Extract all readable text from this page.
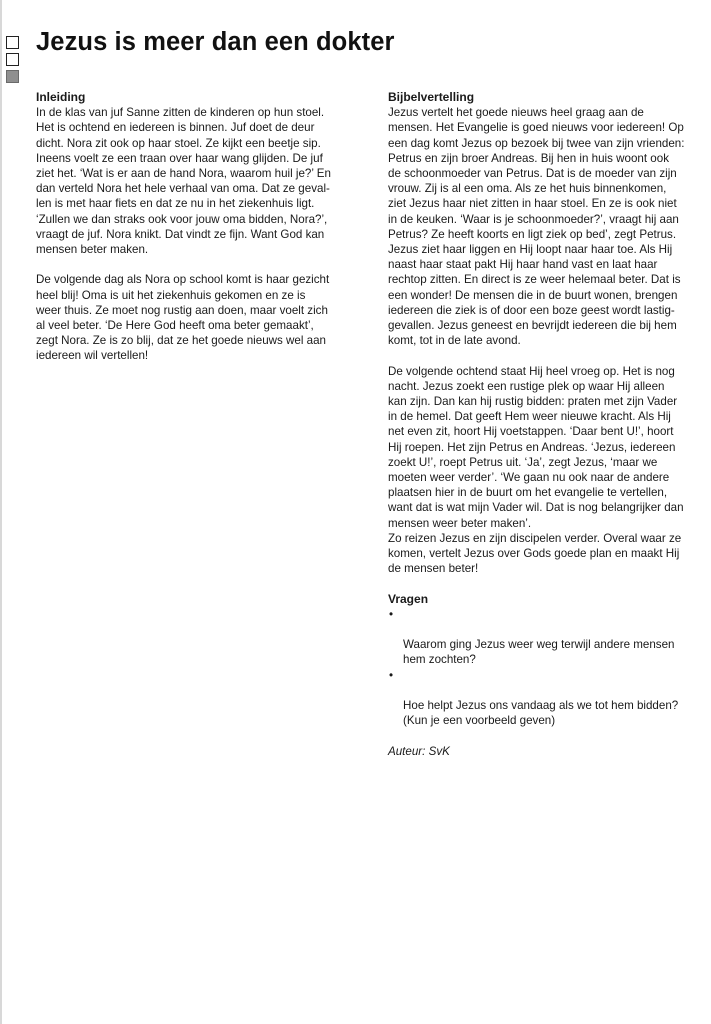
Jezus is meer dan een dokter
Inleiding

In de klas van juf Sanne zitten de kinderen op hun stoel.
Het is ochtend en iedereen is binnen. Juf doet de deur
dicht. Nora zit ook op haar stoel. Ze kijkt een beetje sip.
Ineens voelt ze een traan over haar wang glijden. De juf
ziet het. ‘Wat is er aan de hand Nora, waarom huil je?’ En
dan verteld Nora het hele verhaal van oma. Dat ze geval-
len is met haar fiets en dat ze nu in het ziekenhuis ligt.
‘Zullen we dan straks ook voor jouw oma bidden, Nora?’,
vraagt de juf. Nora knikt. Dat vindt ze fijn. Want God kan
mensen beter maken.

De volgende dag als Nora op school komt is haar gezicht
heel blij! Oma is uit het ziekenhuis gekomen en ze is
weer thuis. Ze moet nog rustig aan doen, maar voelt zich
al veel beter. ‘De Here God heeft oma beter gemaakt’,
zegt Nora. Ze is zo blij, dat ze het goede nieuws wel aan
iedereen wil vertellen!

Bijbelvertelling

Jezus vertelt het goede nieuws heel graag aan de
mensen. Het Evangelie is goed nieuws voor iedereen! Op
een dag komt Jezus op bezoek bij twee van zijn vrienden:
Petrus en zijn broer Andreas. Bij hen in huis woont ook
de schoonmoeder van Petrus. Dat is de moeder van zijn
vrouw. Zij is al een oma. Als ze het huis binnenkomen,
ziet Jezus haar niet zitten in haar stoel. En ze is ook niet
in de keuken. ‘Waar is je schoonmoeder?’, vraagt hij aan
Petrus? Ze heeft koorts en ligt ziek op bed’, zegt Petrus.
Jezus ziet haar liggen en Hij loopt naar haar toe. Als Hij
naast haar staat pakt Hij haar hand vast en laat haar
rechtop zitten. En direct is ze weer helemaal beter. Dat is
een wonder! De mensen die in de buurt wonen, brengen
iedereen die ziek is of door een boze geest wordt lastig-
gevallen. Jezus geneest en bevrijdt iedereen die bij hem
komt, tot in de late avond.

De volgende ochtend staat Hij heel vroeg op. Het is nog
nacht. Jezus zoekt een rustige plek op waar Hij alleen
kan zijn. Dan kan hij rustig bidden: praten met zijn Vader
in de hemel. Dat geeft Hem weer nieuwe kracht. Als Hij
net even zit, hoort Hij voetstappen. ‘Daar bent U!’, hoort
Hij roepen. Het zijn Petrus en Andreas. ‘Jezus, iedereen
zoekt U!’, roept Petrus uit. ‘Ja’, zegt Jezus, ‘maar we
moeten weer verder’. ‘We gaan nu ook naar de andere
plaatsen hier in de buurt om het evangelie te vertellen,
want dat is wat mijn Vader wil. Dat is nog belangrijker dan
mensen weer beter maken’.

Zo reizen Jezus en zijn discipelen verder. Overal waar ze
komen, vertelt Jezus over Gods goede plan en maakt Hij
de mensen beter!

Vragen

•

Waarom ging Jezus weer weg terwijl andere mensen
hem zochten?

•

Hoe helpt Jezus ons vandaag als we tot hem bidden?
(Kun je een voorbeeld geven)

Auteur: SvK
